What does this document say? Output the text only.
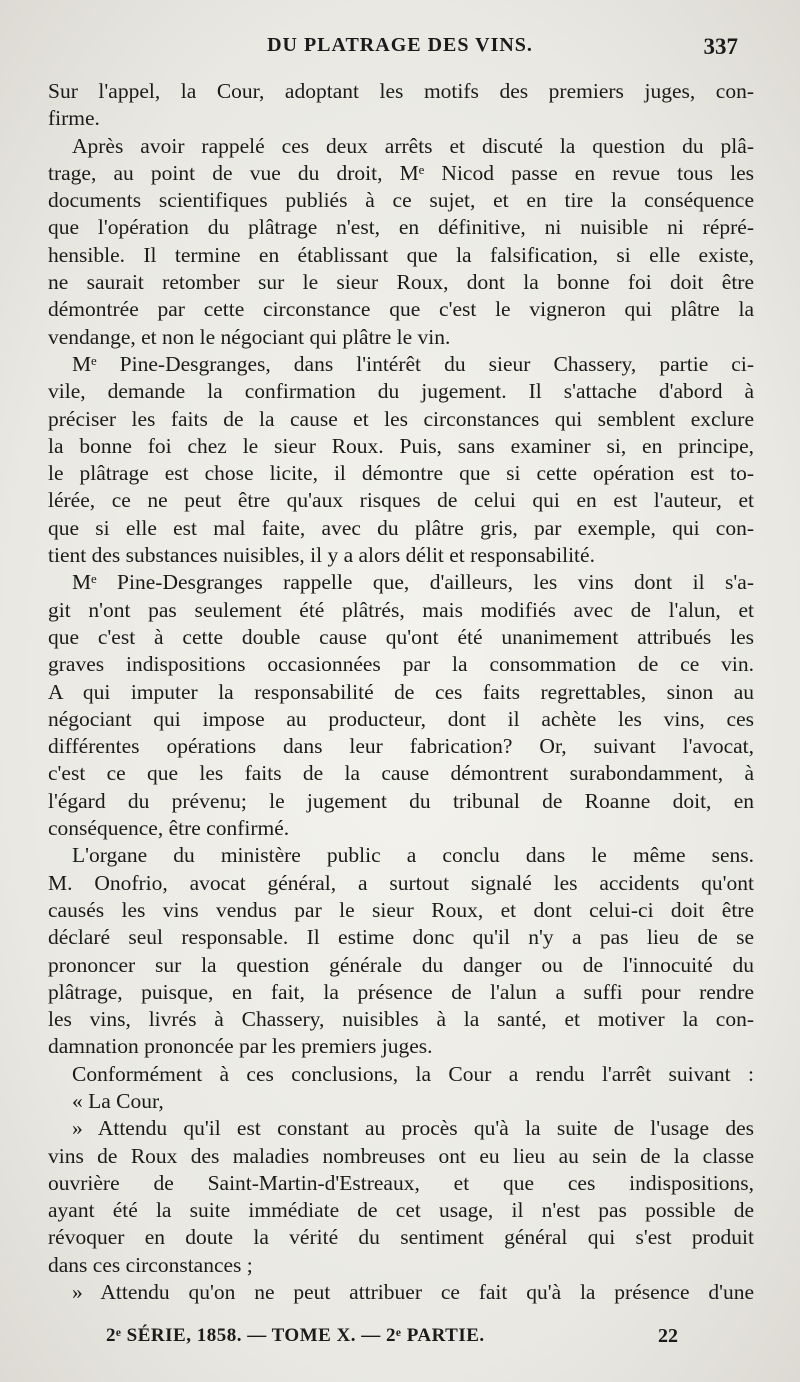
DU PLATRAGE DES VINS.	337
Sur l'appel, la Cour, adoptant les motifs des premiers juges, con-
firme.
Après avoir rappelé ces deux arrêts et discuté la question du plâ-
trage, au point de vue du droit, Mᵉ Nicod passe en revue tous les
documents scientifiques publiés à ce sujet, et en tire la conséquence
que l'opération du plâtrage n'est, en définitive, ni nuisible ni répré-
hensible. Il termine en établissant que la falsification, si elle existe,
ne saurait retomber sur le sieur Roux, dont la bonne foi doit être
démontrée par cette circonstance que c'est le vigneron qui plâtre la
vendange, et non le négociant qui plâtre le vin.
Mᵉ Pine-Desgranges, dans l'intérêt du sieur Chassery, partie ci-
vile, demande la confirmation du jugement. Il s'attache d'abord à
préciser les faits de la cause et les circonstances qui semblent exclure
la bonne foi chez le sieur Roux. Puis, sans examiner si, en principe,
le plâtrage est chose licite, il démontre que si cette opération est to-
lérée, ce ne peut être qu'aux risques de celui qui en est l'auteur, et
que si elle est mal faite, avec du plâtre gris, par exemple, qui con-
tient des substances nuisibles, il y a alors délit et responsabilité.
Mᵉ Pine-Desgranges rappelle que, d'ailleurs, les vins dont il s'a-
git n'ont pas seulement été plâtrés, mais modifiés avec de l'alun, et
que c'est à cette double cause qu'ont été unanimement attribués les
graves indispositions occasionnées par la consommation de ce vin.
A qui imputer la responsabilité de ces faits regrettables, sinon au
négociant qui impose au producteur, dont il achète les vins, ces
différentes opérations dans leur fabrication? Or, suivant l'avocat,
c'est ce que les faits de la cause démontrent surabondamment, à
l'égard du prévenu; le jugement du tribunal de Roanne doit, en
conséquence, être confirmé.
L'organe du ministère public a conclu dans le même sens.
M. Onofrio, avocat général, a surtout signalé les accidents qu'ont
causés les vins vendus par le sieur Roux, et dont celui-ci doit être
déclaré seul responsable. Il estime donc qu'il n'y a pas lieu de se
prononcer sur la question générale du danger ou de l'innocuité du
plâtrage, puisque, en fait, la présence de l'alun a suffi pour rendre
les vins, livrés à Chassery, nuisibles à la santé, et motiver la con-
damnation prononcée par les premiers juges.
Conformément à ces conclusions, la Cour a rendu l'arrêt suivant :
« La Cour,
» Attendu qu'il est constant au procès qu'à la suite de l'usage des
vins de Roux des maladies nombreuses ont eu lieu au sein de la classe
ouvrière de Saint-Martin-d'Estreaux, et que ces indispositions,
ayant été la suite immédiate de cet usage, il n'est pas possible de
révoquer en doute la vérité du sentiment général qui s'est produit
dans ces circonstances ;
» Attendu qu'on ne peut attribuer ce fait qu'à la présence d'une
2ᵉ SÉRIE, 1858. — TOME X. — 2ᵉ PARTIE.	22
